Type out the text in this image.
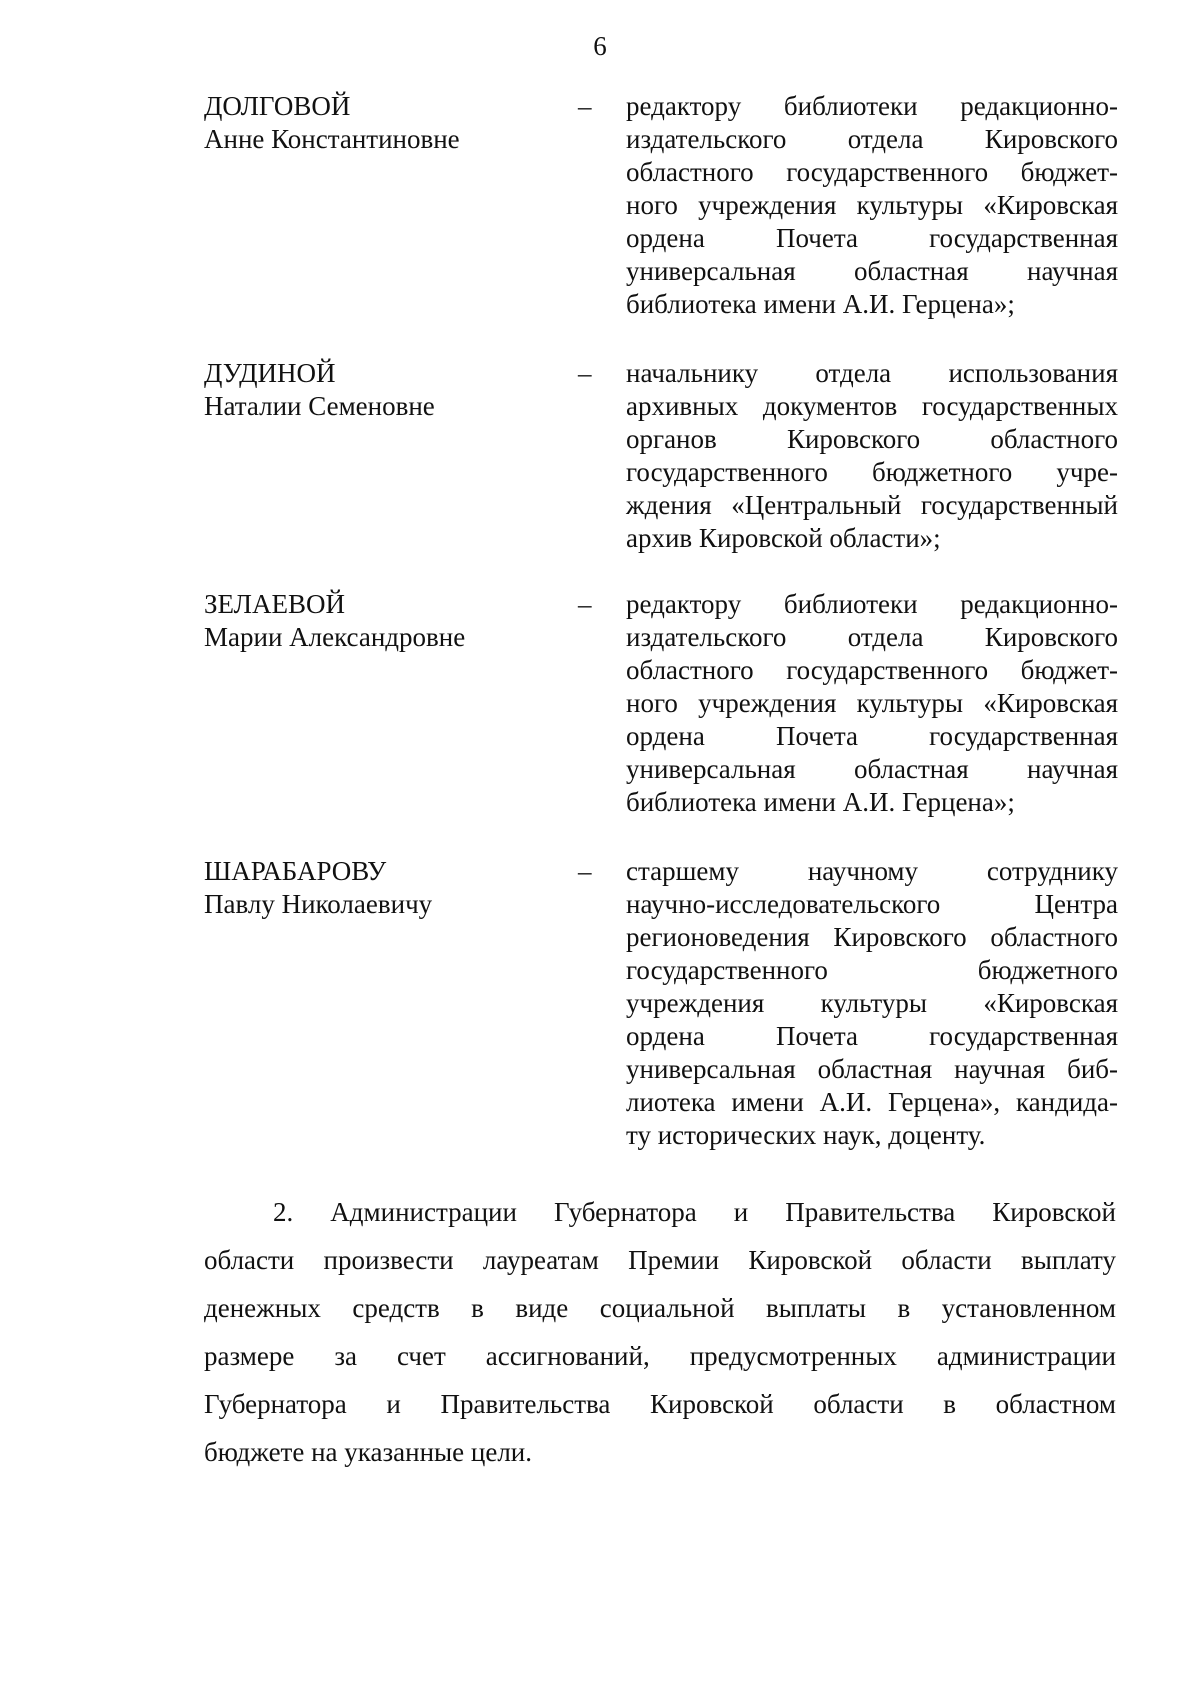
6
ДОЛГОВОЙ
Анне Константиновне
– редактору библиотеки редакционно-
издательского отдела Кировского
областного государственного бюджет-
ного учреждения культуры «Кировская
ордена Почета государственная
универсальная областная научная
библиотека имени А.И. Герцена»;
ДУДИНОЙ
Наталии Семеновне
– начальнику отдела использования
архивных документов государственных
органов Кировского областного
государственного бюджетного учре-
ждения «Центральный государственный
архив Кировской области»;
ЗЕЛАЕВОЙ
Марии Александровне
– редактору библиотеки редакционно-
издательского отдела Кировского
областного государственного бюджет-
ного учреждения культуры «Кировская
ордена Почета государственная
универсальная областная научная
библиотека имени А.И. Герцена»;
ШАРАБАРОВУ
Павлу Николаевичу
– старшему научному сотруднику
научно-исследовательского Центра
регионоведения Кировского областного
государственного бюджетного
учреждения культуры «Кировская
ордена Почета государственная
универсальная областная научная биб-
лиотека имени А.И. Герцена», кандида-
ту исторических наук, доценту.
2. Администрации Губернатора и Правительства Кировской
области произвести лауреатам Премии Кировской области выплату
денежных средств в виде социальной выплаты в установленном
размере за счет ассигнований, предусмотренных администрации
Губернатора и Правительства Кировской области в областном
бюджете на указанные цели.
